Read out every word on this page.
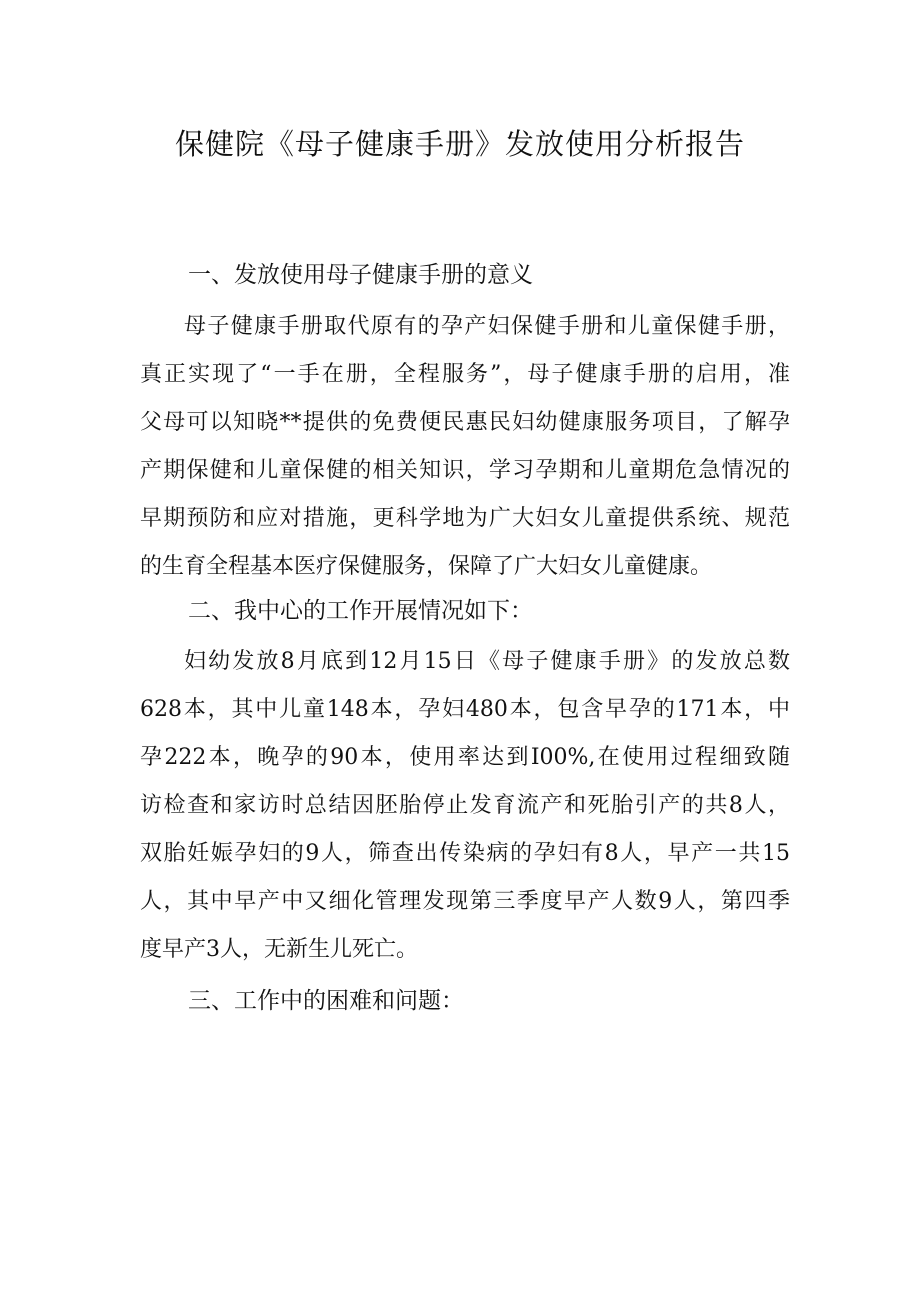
保健院《母子健康手册》发放使用分析报告
一、发放使用母子健康手册的意义
母子健康手册取代原有的孕产妇保健手册和儿童保健手册，
真正实现了“一手在册，全程服务”，母子健康手册的启用，准
父母可以知晓**提供的免费便民惠民妇幼健康服务项目，了解孕
产期保健和儿童保健的相关知识，学习孕期和儿童期危急情况的
早期预防和应对措施，更科学地为广大妇女儿童提供系统、规范
的生育全程基本医疗保健服务，保障了广大妇女儿童健康。
二、我中心的工作开展情况如下：
妇幼发放8月底到12月15日《母子健康手册》的发放总数
628本，其中儿童148本，孕妇480本，包含早孕的171本，中
孕222本，晚孕的90本，使用率达到I00%,在使用过程细致随
访检查和家访时总结因胚胎停止发育流产和死胎引产的共8人，
双胎妊娠孕妇的9人，筛查出传染病的孕妇有8人，早产一共15
人，其中早产中又细化管理发现第三季度早产人数9人，第四季
度早产3人，无新生儿死亡。
三、工作中的困难和问题：
